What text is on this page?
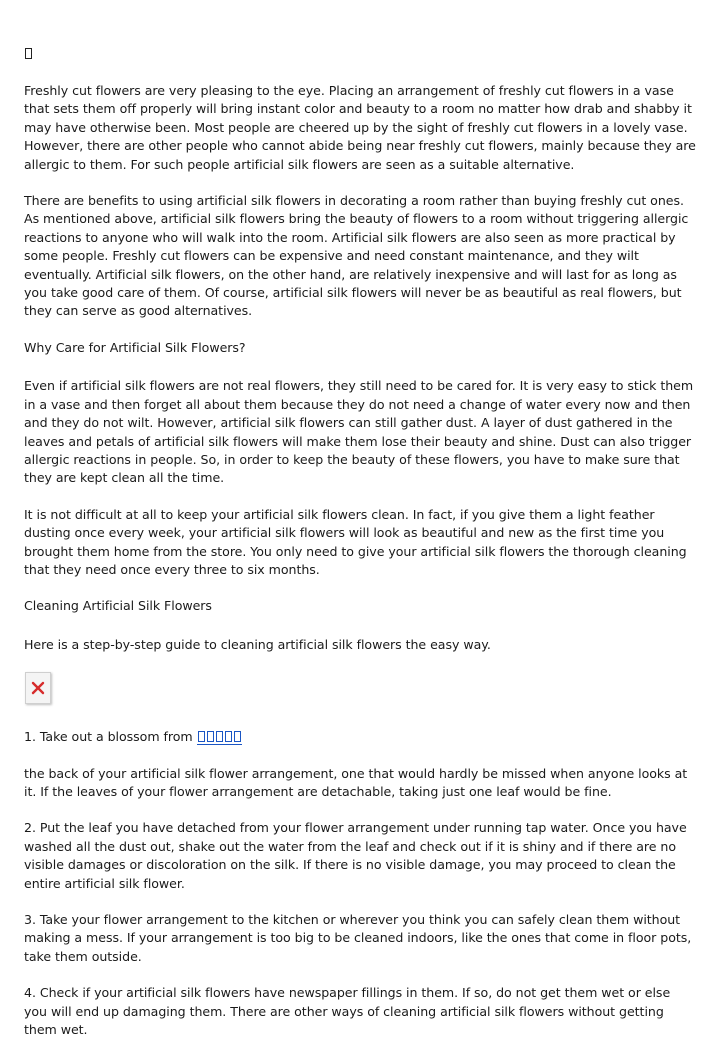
Freshly cut flowers are very pleasing to the eye. Placing an arrangement of freshly cut flowers in a vase that sets them off properly will bring instant color and beauty to a room no matter how drab and shabby it may have otherwise been. Most people are cheered up by the sight of freshly cut flowers in a lovely vase. However, there are other people who cannot abide being near freshly cut flowers, mainly because they are allergic to them. For such people artificial silk flowers are seen as a suitable alternative.

There are benefits to using artificial silk flowers in decorating a room rather than buying freshly cut ones. As mentioned above, artificial silk flowers bring the beauty of flowers to a room without triggering allergic reactions to anyone who will walk into the room. Artificial silk flowers are also seen as more practical by some people. Freshly cut flowers can be expensive and need constant maintenance, and they wilt eventually. Artificial silk flowers, on the other hand, are relatively inexpensive and will last for as long as you take good care of them. Of course, artificial silk flowers will never be as beautiful as real flowers, but they can serve as good alternatives.

Why Care for Artificial Silk Flowers?

Even if artificial silk flowers are not real flowers, they still need to be cared for. It is very easy to stick them in a vase and then forget all about them because they do not need a change of water every now and then and they do not wilt. However, artificial silk flowers can still gather dust. A layer of dust gathered in the leaves and petals of artificial silk flowers will make them lose their beauty and shine. Dust can also trigger allergic reactions in people. So, in order to keep the beauty of these flowers, you have to make sure that they are kept clean all the time.

It is not difficult at all to keep your artificial silk flowers clean. In fact, if you give them a light feather dusting once every week, your artificial silk flowers will look as beautiful and new as the first time you brought them home from the store. You only need to give your artificial silk flowers the thorough cleaning that they need once every three to six months.

Cleaning Artificial Silk Flowers

Here is a step-by-step guide to cleaning artificial silk flowers the easy way.

1. Take out a blossom from

the back of your artificial silk flower arrangement, one that would hardly be missed when anyone looks at it. If the leaves of your flower arrangement are detachable, taking just one leaf would be fine.

2. Put the leaf you have detached from your flower arrangement under running tap water. Once you have washed all the dust out, shake out the water from the leaf and check out if it is shiny and if there are no visible damages or discoloration on the silk. If there is no visible damage, you may proceed to clean the entire artificial silk flower.

3. Take your flower arrangement to the kitchen or wherever you think you can safely clean them without making a mess. If your arrangement is too big to be cleaned indoors, like the ones that come in floor pots, take them outside.

4. Check if your artificial silk flowers have newspaper fillings in them. If so, do not get them wet or else you will end up damaging them. There are other ways of cleaning artificial silk flowers without getting them wet.
